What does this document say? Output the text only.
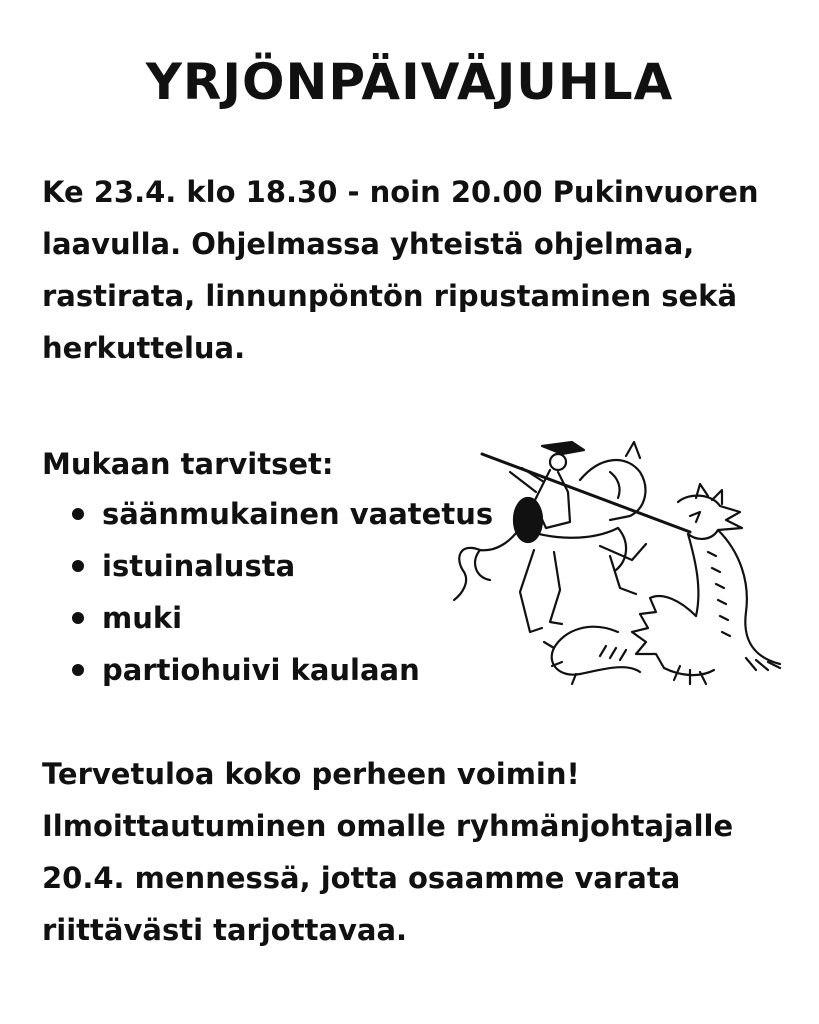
YRJÖNPÄIVÄJUHLA

Ke 23.4. klo 18.30 - noin 20.00 Pukinvuoren
laavulla. Ohjelmassa yhteistä ohjelmaa,
rastirata, linnunpöntön ripustaminen sekä
herkuttelua.

Mukaan tarvitset:

säänmukainen vaatetus
istuinalusta
muki
partiohuivi kaulaan

Tervetuloa koko perheen voimin!
Ilmoittautuminen omalle ryhmänjohtajalle
20.4. mennessä, jotta osaamme varata
riittävästi tarjottavaa.
